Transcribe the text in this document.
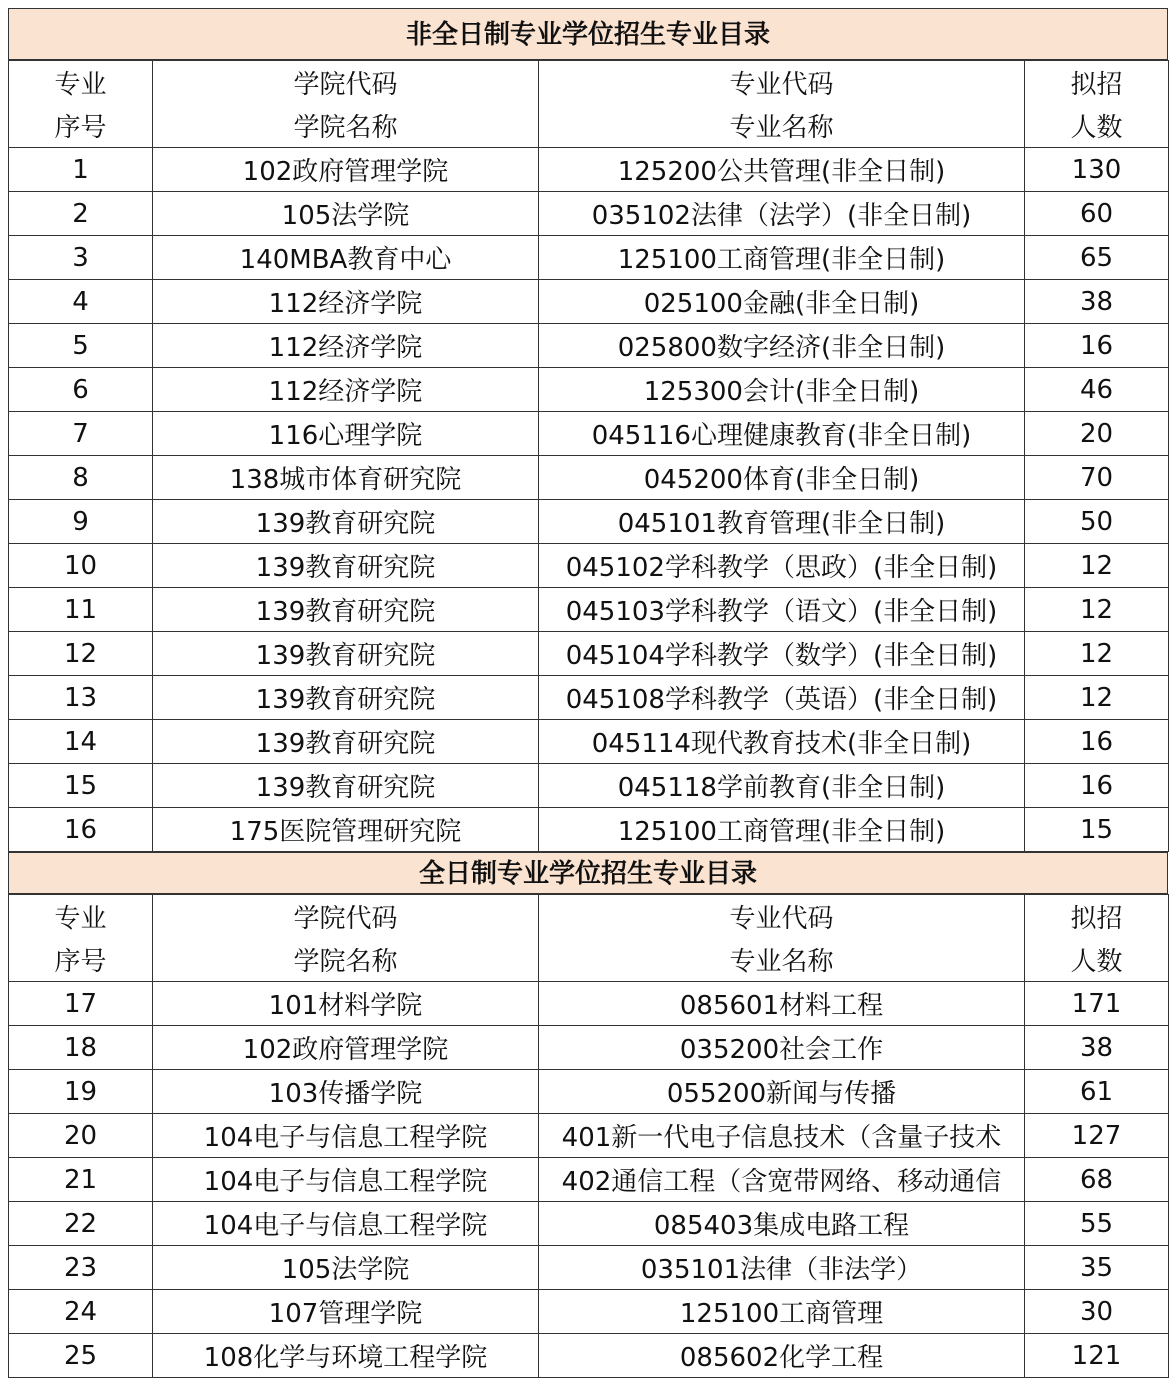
非全日制专业学位招生专业目录
专业	学院代码	专业代码	拟招
序号	学院名称	专业名称	人数
1	102政府管理学院	125200公共管理(非全日制)	130
2	105法学院	035102法律（法学）(非全日制)	60
3	140MBA教育中心	125100工商管理(非全日制)	65
4	112经济学院	025100金融(非全日制)	38
5	112经济学院	025800数字经济(非全日制)	16
6	112经济学院	125300会计(非全日制)	46
7	116心理学院	045116心理健康教育(非全日制)	20
8	138城市体育研究院	045200体育(非全日制)	70
9	139教育研究院	045101教育管理(非全日制)	50
10	139教育研究院	045102学科教学（思政）(非全日制)	12
11	139教育研究院	045103学科教学（语文）(非全日制)	12
12	139教育研究院	045104学科教学（数学）(非全日制)	12
13	139教育研究院	045108学科教学（英语）(非全日制)	12
14	139教育研究院	045114现代教育技术(非全日制)	16
15	139教育研究院	045118学前教育(非全日制)	16
16	175医院管理研究院	125100工商管理(非全日制)	15
全日制专业学位招生专业目录
专业	学院代码	专业代码	拟招
序号	学院名称	专业名称	人数
17	101材料学院	085601材料工程	171
18	102政府管理学院	035200社会工作	38
19	103传播学院	055200新闻与传播	61
20	104电子与信息工程学院	401新一代电子信息技术（含量子技术	127
21	104电子与信息工程学院	402通信工程（含宽带网络、移动通信	68
22	104电子与信息工程学院	085403集成电路工程	55
23	105法学院	035101法律（非法学）	35
24	107管理学院	125100工商管理	30
25	108化学与环境工程学院	085602化学工程	121
